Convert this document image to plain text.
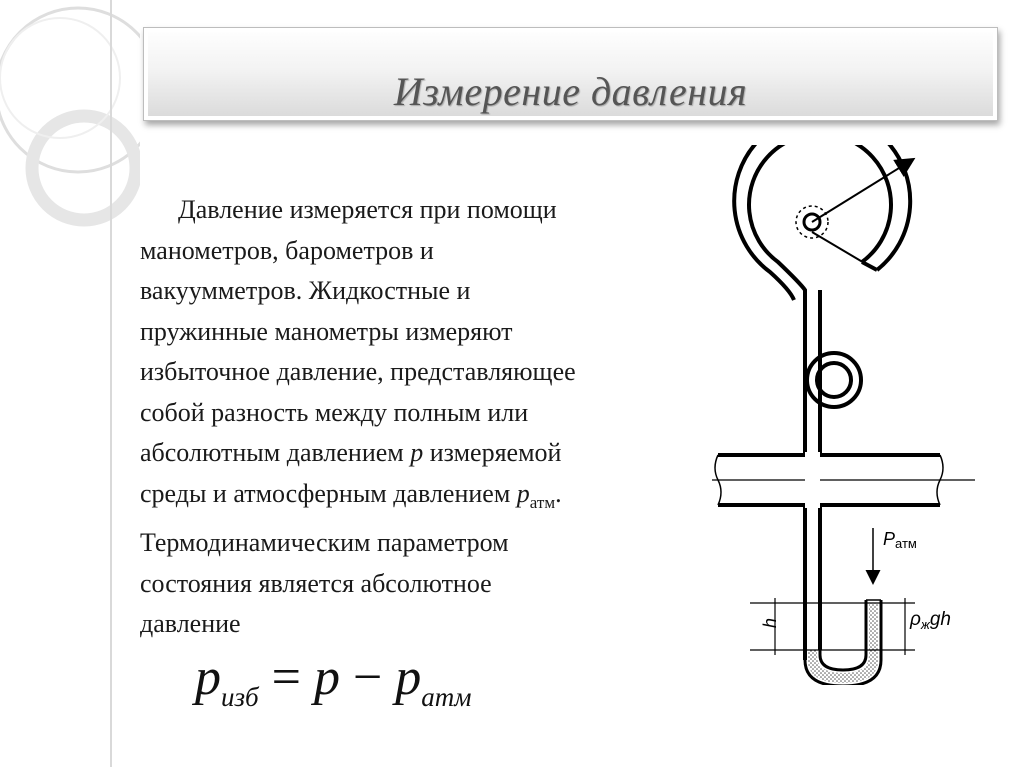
Измерение давления
Давление измеряется при помощи
манометров, барометров и
вакуумметров. Жидкостные и
пружинные манометры измеряют
избыточное давление, представляющее
собой разность между полным или
абсолютным давлением p измеряемой
среды и атмосферным давлением $p_{атм}$.
Термодинамическим параметром
состояния является абсолютное
давление
$p_{изб} = p - p_{атм}$
Pатм
h	$\rho_жgh$
